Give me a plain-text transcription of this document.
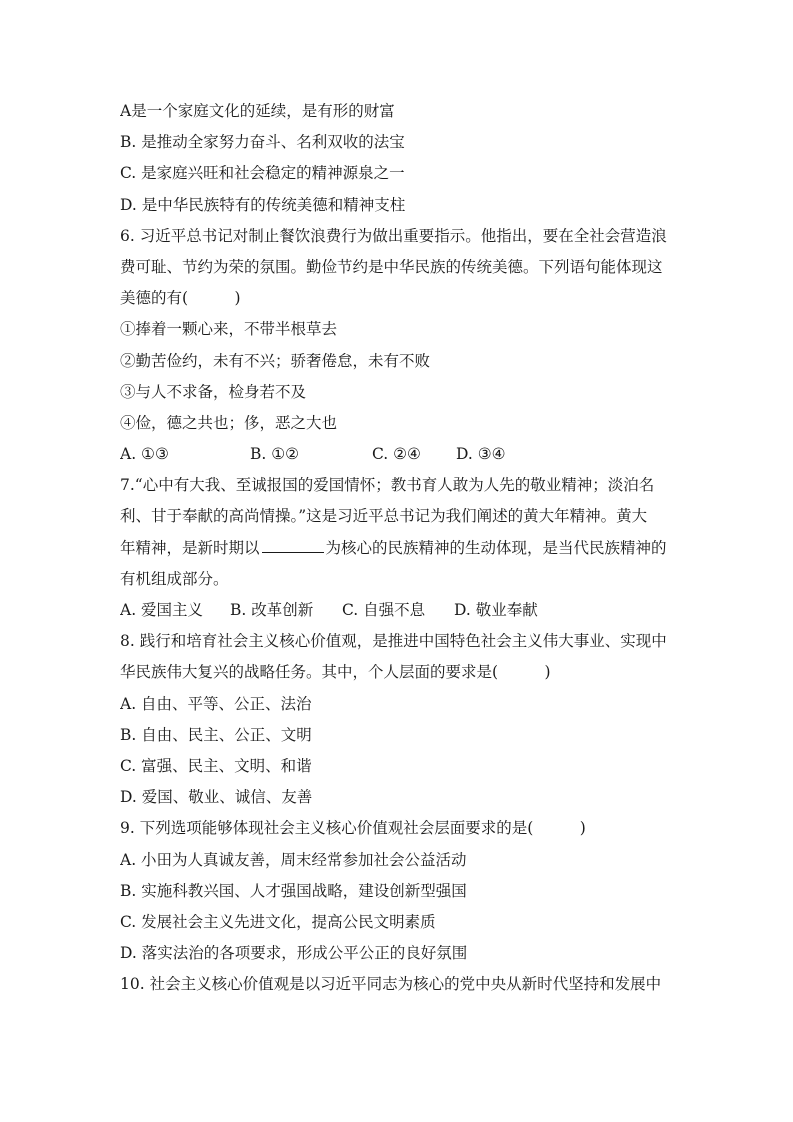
A是一个家庭文化的延续，是有形的财富
B. 是推动全家努力奋斗、名利双收的法宝
C. 是家庭兴旺和社会稳定的精神源泉之一
D. 是中华民族特有的传统美德和精神支柱
6. 习近平总书记对制止餐饮浪费行为做出重要指示。他指出，要在全社会营造浪
费可耻、节约为荣的氛围。勤俭节约是中华民族的传统美德。下列语句能体现这
美德的有(　　　)
①捧着一颗心来，不带半根草去
②勤苦俭约，未有不兴；骄奢倦怠，未有不败
③与人不求备，检身若不及
④俭，德之共也；侈，恶之大也
A. ①③	B. ①②	C. ②④	D. ③④
7.“心中有大我、至诚报国的爱国情怀；教书育人敢为人先的敬业精神；淡泊名
利、甘于奉献的高尚情操。”这是习近平总书记为我们阐述的黄大年精神。黄大
年精神，是新时期以	为核心的民族精神的生动体现，是当代民族精神的
有机组成部分。
A. 爱国主义	B. 改革创新	C. 自强不息	D. 敬业奉献
8. 践行和培育社会主义核心价值观，是推进中国特色社会主义伟大事业、实现中
华民族伟大复兴的战略任务。其中，个人层面的要求是(　　　)
A. 自由、平等、公正、法治
B. 自由、民主、公正、文明
C. 富强、民主、文明、和谐
D. 爱国、敬业、诚信、友善
9. 下列选项能够体现社会主义核心价值观社会层面要求的是(　　　)
A. 小田为人真诚友善，周末经常参加社会公益活动
B. 实施科教兴国、人才强国战略，建设创新型强国
C. 发展社会主义先进文化，提高公民文明素质
D. 落实法治的各项要求，形成公平公正的良好氛围
10. 社会主义核心价值观是以习近平同志为核心的党中央从新时代坚持和发展中
